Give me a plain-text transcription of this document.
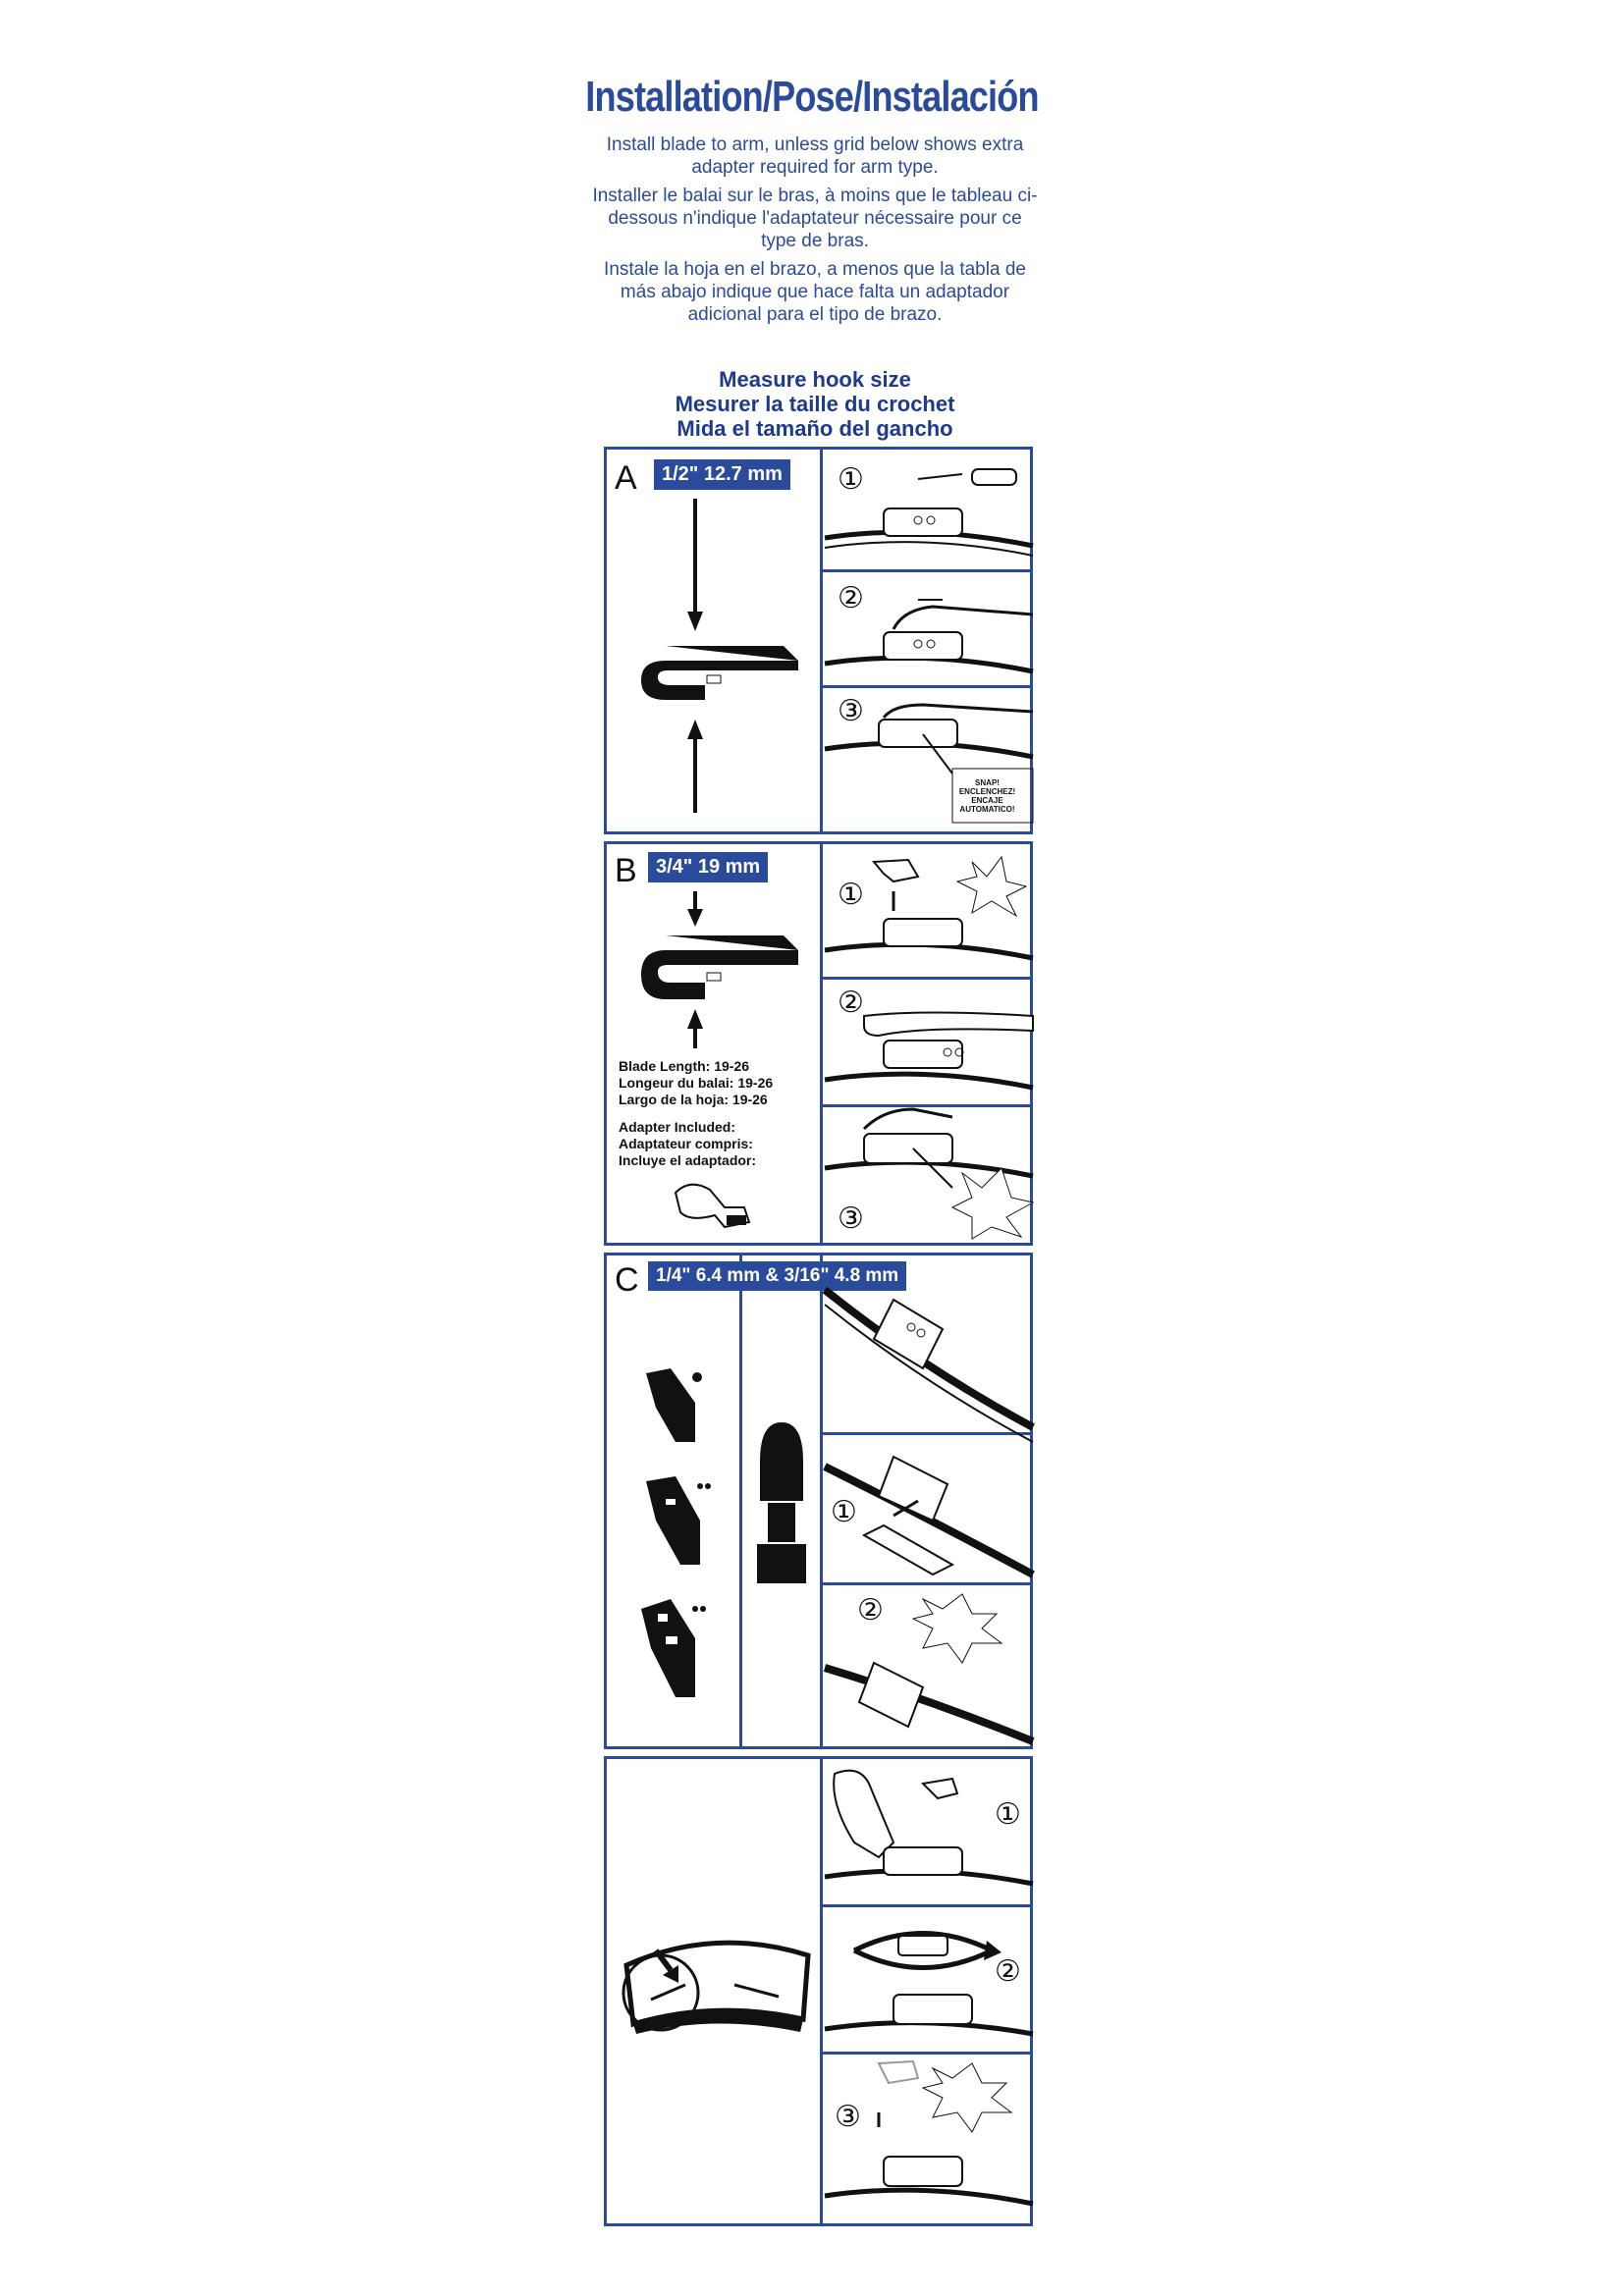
Installation/Pose/Instalación

Install blade to arm, unless grid below shows extra adapter required for arm type.

Installer le balai sur le bras, à moins que le tableau ci-dessous n'indique l'adaptateur nécessaire pour ce type de bras.

Instale la hoja en el brazo, a menos que la tabla de más abajo indique que hace falta un adaptador adicional para el tipo de brazo.

Measure hook size
Mesurer la taille du crochet
Mida el tamaño del gancho
A	1/2" 12.7 mm ①
②
③
SNAP!
ENCLENCHEZ!
ENCAJE
AUTOMATICO!
B 3/4" 19 mm
Blade Length: 19-26
Longeur du balai: 19-26
Largo de la hoja: 19-26
Adapter Included:
Adaptateur compris:
Incluye el adaptador:
①
②
③
C 1/4" 6.4 mm & 3/16" 4.8 mm
①
②
①
②
③
